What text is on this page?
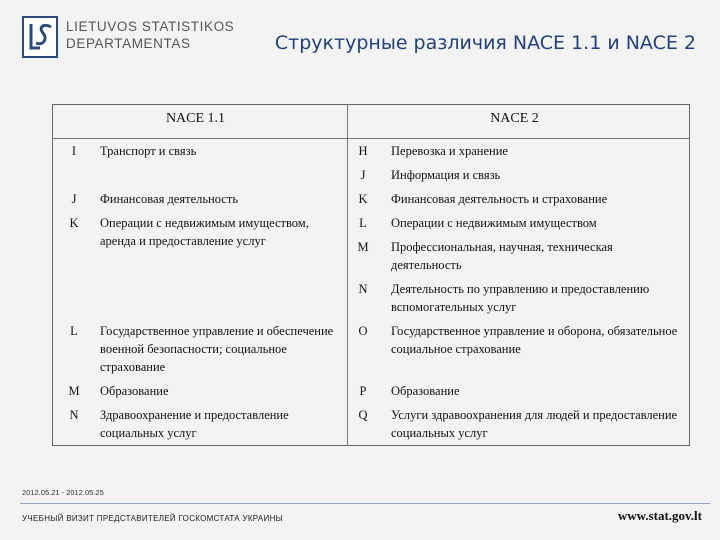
LIETUVOS STATISTIKOS
DEPARTAMENTAS	Структурные различия NACE 1.1 и NACE 2
NACE 1.1		NACE 2	
I	Транспорт и связь	H	Перевозка и хранение
		J	Информация и связь
J	Финансовая деятельность	K	Финансовая деятельность и страхование
K	Операции с недвижимым имуществом, аренда и предоставление услуг	L	Операции с недвижимым имуществом
		M	Профессиональная, научная, техническая деятельность
		N	Деятельность по управлению и предоставлению вспомогательных услуг
L	Государственное управление и обеспечение военной безопасности; социальное страхование	O	Государственное управление и оборона, обязательное социальное страхование
M	Образование	P	Образование
N	Здравоохранение и предоставление социальных услуг	Q	Услуги здравоохранения для людей и предоставление социальных услуг
2012.05.21 - 2012.05.25
УЧЕБНЫЙ ВИЗИТ ПРЕДСТАВИТЕЛЕЙ ГОСКОМСТАТА УКРАИНЫ	www.stat.gov.lt
